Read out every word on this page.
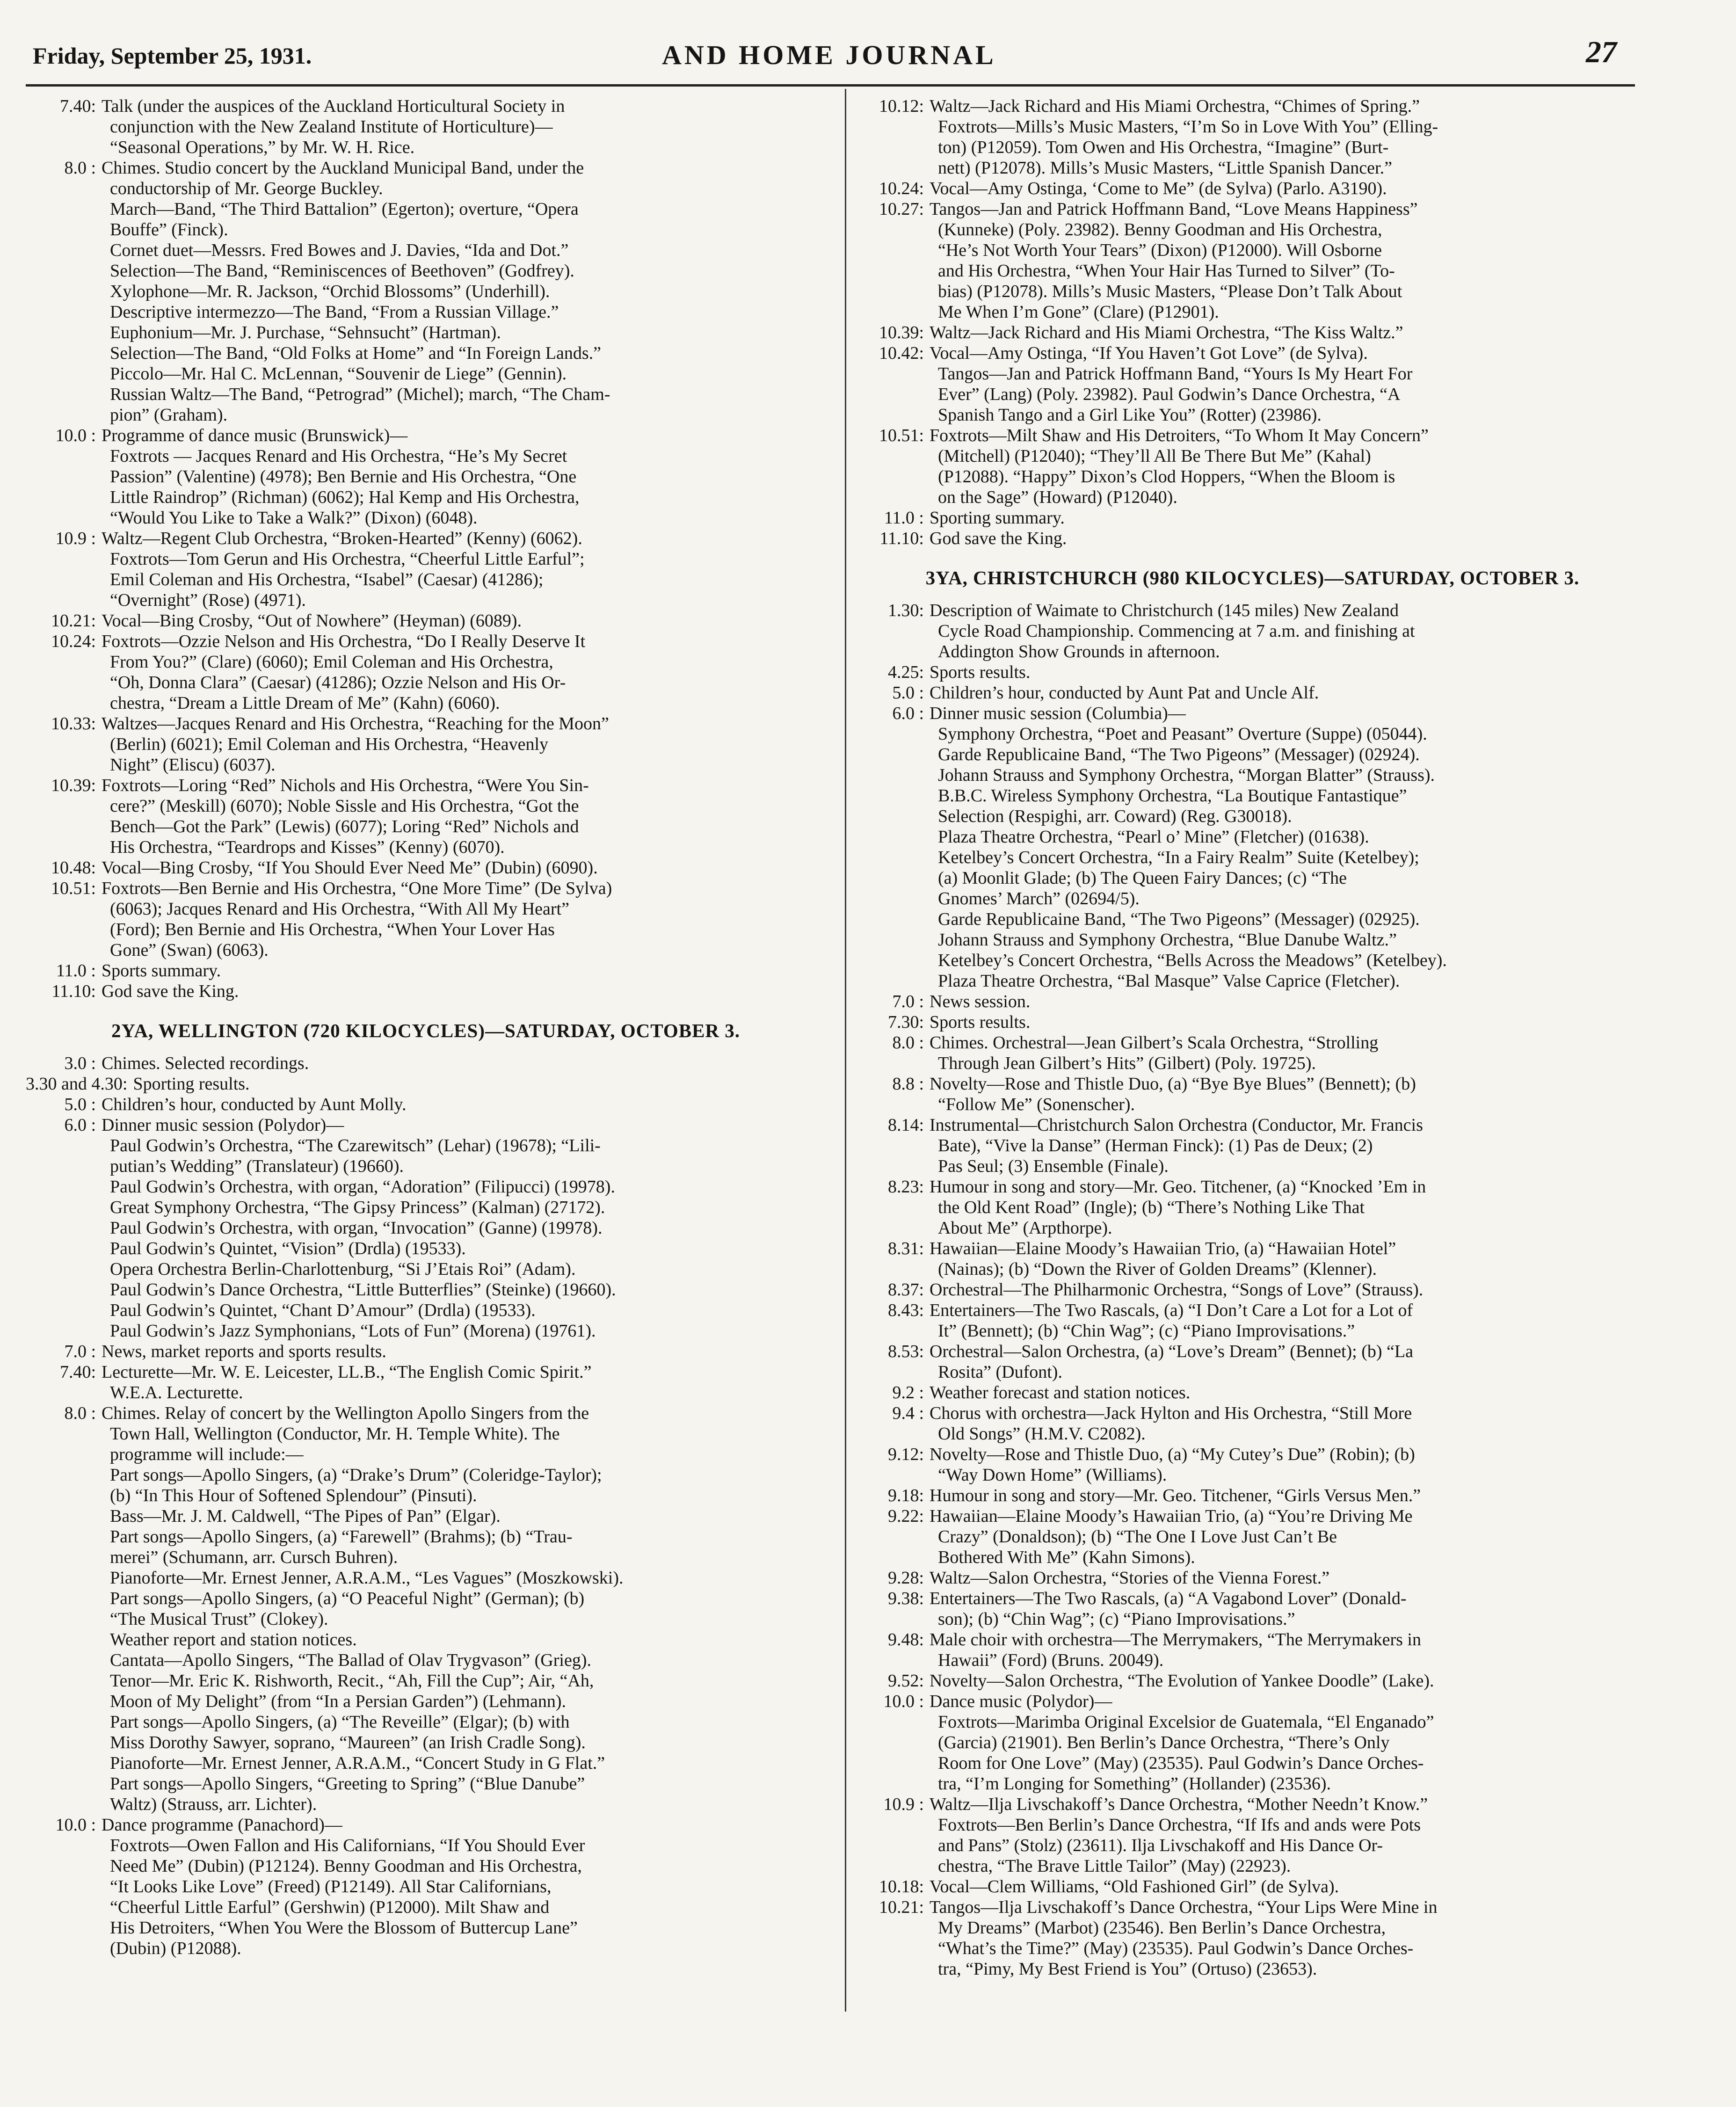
Friday, September 25, 1931.	AND HOME JOURNAL	27
7.40: Talk (under the auspices of the Auckland Horticultural Society in
conjunction with the New Zealand Institute of Horticulture)—
“Seasonal Operations,” by Mr. W. H. Rice.
8.0 : Chimes. Studio concert by the Auckland Municipal Band, under the
conductorship of Mr. George Buckley.
March—Band, “The Third Battalion” (Egerton); overture, “Opera
Bouffe” (Finck).
Cornet duet—Messrs. Fred Bowes and J. Davies, “Ida and Dot.”
Selection—The Band, “Reminiscences of Beethoven” (Godfrey).
Xylophone—Mr. R. Jackson, “Orchid Blossoms” (Underhill).
Descriptive intermezzo—The Band, “From a Russian Village.”
Euphonium—Mr. J. Purchase, “Sehnsucht” (Hartman).
Selection—The Band, “Old Folks at Home” and “In Foreign Lands.”
Piccolo—Mr. Hal C. McLennan, “Souvenir de Liege” (Gennin).
Russian Waltz—The Band, “Petrograd” (Michel); march, “The Cham-
pion” (Graham).
10.0 : Programme of dance music (Brunswick)—
Foxtrots — Jacques Renard and His Orchestra, “He’s My Secret
Passion” (Valentine) (4978); Ben Bernie and His Orchestra, “One
Little Raindrop” (Richman) (6062); Hal Kemp and His Orchestra,
“Would You Like to Take a Walk?” (Dixon) (6048).
10.9 : Waltz—Regent Club Orchestra, “Broken-Hearted” (Kenny) (6062).
Foxtrots—Tom Gerun and His Orchestra, “Cheerful Little Earful”;
Emil Coleman and His Orchestra, “Isabel” (Caesar) (41286);
“Overnight” (Rose) (4971).
10.21: Vocal—Bing Crosby, “Out of Nowhere” (Heyman) (6089).
10.24: Foxtrots—Ozzie Nelson and His Orchestra, “Do I Really Deserve It
From You?” (Clare) (6060); Emil Coleman and His Orchestra,
“Oh, Donna Clara” (Caesar) (41286); Ozzie Nelson and His Or-
chestra, “Dream a Little Dream of Me” (Kahn) (6060).
10.33: Waltzes—Jacques Renard and His Orchestra, “Reaching for the Moon”
(Berlin) (6021); Emil Coleman and His Orchestra, “Heavenly
Night” (Eliscu) (6037).
10.39: Foxtrots—Loring “Red” Nichols and His Orchestra, “Were You Sin-
cere?” (Meskill) (6070); Noble Sissle and His Orchestra, “Got the
Bench—Got the Park” (Lewis) (6077); Loring “Red” Nichols and
His Orchestra, “Teardrops and Kisses” (Kenny) (6070).
10.48: Vocal—Bing Crosby, “If You Should Ever Need Me” (Dubin) (6090).
10.51: Foxtrots—Ben Bernie and His Orchestra, “One More Time” (De Sylva)
(6063); Jacques Renard and His Orchestra, “With All My Heart”
(Ford); Ben Bernie and His Orchestra, “When Your Lover Has
Gone” (Swan) (6063).
11.0 : Sports summary.
11.10: God save the King.
2YA, WELLINGTON (720 KILOCYCLES)—SATURDAY, OCTOBER 3.
3.0 : Chimes. Selected recordings.
3.30 and 4.30: Sporting results.
5.0 : Children’s hour, conducted by Aunt Molly.
6.0 : Dinner music session (Polydor)—
Paul Godwin’s Orchestra, “The Czarewitsch” (Lehar) (19678); “Lili-
putian’s Wedding” (Translateur) (19660).
Paul Godwin’s Orchestra, with organ, “Adoration” (Filipucci) (19978).
Great Symphony Orchestra, “The Gipsy Princess” (Kalman) (27172).
Paul Godwin’s Orchestra, with organ, “Invocation” (Ganne) (19978).
Paul Godwin’s Quintet, “Vision” (Drdla) (19533).
Opera Orchestra Berlin-Charlottenburg, “Si J’Etais Roi” (Adam).
Paul Godwin’s Dance Orchestra, “Little Butterflies” (Steinke) (19660).
Paul Godwin’s Quintet, “Chant D’Amour” (Drdla) (19533).
Paul Godwin’s Jazz Symphonians, “Lots of Fun” (Morena) (19761).
7.0 : News, market reports and sports results.
7.40: Lecturette—Mr. W. E. Leicester, LL.B., “The English Comic Spirit.”
W.E.A. Lecturette.
8.0 : Chimes. Relay of concert by the Wellington Apollo Singers from the
Town Hall, Wellington (Conductor, Mr. H. Temple White). The
programme will include:—
Part songs—Apollo Singers, (a) “Drake’s Drum” (Coleridge-Taylor);
(b) “In This Hour of Softened Splendour” (Pinsuti).
Bass—Mr. J. M. Caldwell, “The Pipes of Pan” (Elgar).
Part songs—Apollo Singers, (a) “Farewell” (Brahms); (b) “Trau-
merei” (Schumann, arr. Cursch Buhren).
Pianoforte—Mr. Ernest Jenner, A.R.A.M., “Les Vagues” (Moszkowski).
Part songs—Apollo Singers, (a) “O Peaceful Night” (German); (b)
“The Musical Trust” (Clokey).
Weather report and station notices.
Cantata—Apollo Singers, “The Ballad of Olav Trygvason” (Grieg).
Tenor—Mr. Eric K. Rishworth, Recit., “Ah, Fill the Cup”; Air, “Ah,
Moon of My Delight” (from “In a Persian Garden”) (Lehmann).
Part songs—Apollo Singers, (a) “The Reveille” (Elgar); (b) with
Miss Dorothy Sawyer, soprano, “Maureen” (an Irish Cradle Song).
Pianoforte—Mr. Ernest Jenner, A.R.A.M., “Concert Study in G Flat.”
Part songs—Apollo Singers, “Greeting to Spring” (“Blue Danube”
Waltz) (Strauss, arr. Lichter).
10.0 : Dance programme (Panachord)—
Foxtrots—Owen Fallon and His Californians, “If You Should Ever
Need Me” (Dubin) (P12124). Benny Goodman and His Orchestra,
“It Looks Like Love” (Freed) (P12149). All Star Californians,
“Cheerful Little Earful” (Gershwin) (P12000). Milt Shaw and
His Detroiters, “When You Were the Blossom of Buttercup Lane”
(Dubin) (P12088).
10.12: Waltz—Jack Richard and His Miami Orchestra, “Chimes of Spring.”
Foxtrots—Mills’s Music Masters, “I’m So in Love With You” (Elling-
ton) (P12059). Tom Owen and His Orchestra, “Imagine” (Burt-
nett) (P12078). Mills’s Music Masters, “Little Spanish Dancer.”
10.24: Vocal—Amy Ostinga, ‘Come to Me” (de Sylva) (Parlo. A3190).
10.27: Tangos—Jan and Patrick Hoffmann Band, “Love Means Happiness”
(Kunneke) (Poly. 23982). Benny Goodman and His Orchestra,
“He’s Not Worth Your Tears” (Dixon) (P12000). Will Osborne
and His Orchestra, “When Your Hair Has Turned to Silver” (To-
bias) (P12078). Mills’s Music Masters, “Please Don’t Talk About
Me When I’m Gone” (Clare) (P12901).
10.39: Waltz—Jack Richard and His Miami Orchestra, “The Kiss Waltz.”
10.42: Vocal—Amy Ostinga, “If You Haven’t Got Love” (de Sylva).
Tangos—Jan and Patrick Hoffmann Band, “Yours Is My Heart For
Ever” (Lang) (Poly. 23982). Paul Godwin’s Dance Orchestra, “A
Spanish Tango and a Girl Like You” (Rotter) (23986).
10.51: Foxtrots—Milt Shaw and His Detroiters, “To Whom It May Concern”
(Mitchell) (P12040); “They’ll All Be There But Me” (Kahal)
(P12088). “Happy” Dixon’s Clod Hoppers, “When the Bloom is
on the Sage” (Howard) (P12040).
11.0 : Sporting summary.
11.10: God save the King.
3YA, CHRISTCHURCH (980 KILOCYCLES)—SATURDAY, OCTOBER 3.
1.30: Description of Waimate to Christchurch (145 miles) New Zealand
Cycle Road Championship. Commencing at 7 a.m. and finishing at
Addington Show Grounds in afternoon.
4.25: Sports results.
5.0 : Children’s hour, conducted by Aunt Pat and Uncle Alf.
6.0 : Dinner music session (Columbia)—
Symphony Orchestra, “Poet and Peasant” Overture (Suppe) (05044).
Garde Republicaine Band, “The Two Pigeons” (Messager) (02924).
Johann Strauss and Symphony Orchestra, “Morgan Blatter” (Strauss).
B.B.C. Wireless Symphony Orchestra, “La Boutique Fantastique”
Selection (Respighi, arr. Coward) (Reg. G30018).
Plaza Theatre Orchestra, “Pearl o’ Mine” (Fletcher) (01638).
Ketelbey’s Concert Orchestra, “In a Fairy Realm” Suite (Ketelbey);
(a) Moonlit Glade; (b) The Queen Fairy Dances; (c) “The
Gnomes’ March” (02694/5).
Garde Republicaine Band, “The Two Pigeons” (Messager) (02925).
Johann Strauss and Symphony Orchestra, “Blue Danube Waltz.”
Ketelbey’s Concert Orchestra, “Bells Across the Meadows” (Ketelbey).
Plaza Theatre Orchestra, “Bal Masque” Valse Caprice (Fletcher).
7.0 : News session.
7.30: Sports results.
8.0 : Chimes. Orchestral—Jean Gilbert’s Scala Orchestra, “Strolling
Through Jean Gilbert’s Hits” (Gilbert) (Poly. 19725).
8.8 : Novelty—Rose and Thistle Duo, (a) “Bye Bye Blues” (Bennett); (b)
“Follow Me” (Sonenscher).
8.14: Instrumental—Christchurch Salon Orchestra (Conductor, Mr. Francis
Bate), “Vive la Danse” (Herman Finck): (1) Pas de Deux; (2)
Pas Seul; (3) Ensemble (Finale).
8.23: Humour in song and story—Mr. Geo. Titchener, (a) “Knocked ’Em in
the Old Kent Road” (Ingle); (b) “There’s Nothing Like That
About Me” (Arpthorpe).
8.31: Hawaiian—Elaine Moody’s Hawaiian Trio, (a) “Hawaiian Hotel”
(Nainas); (b) “Down the River of Golden Dreams” (Klenner).
8.37: Orchestral—The Philharmonic Orchestra, “Songs of Love” (Strauss).
8.43: Entertainers—The Two Rascals, (a) “I Don’t Care a Lot for a Lot of
It” (Bennett); (b) “Chin Wag”; (c) “Piano Improvisations.”
8.53: Orchestral—Salon Orchestra, (a) “Love’s Dream” (Bennet); (b) “La
Rosita” (Dufont).
9.2 : Weather forecast and station notices.
9.4 : Chorus with orchestra—Jack Hylton and His Orchestra, “Still More
Old Songs” (H.M.V. C2082).
9.12: Novelty—Rose and Thistle Duo, (a) “My Cutey’s Due” (Robin); (b)
“Way Down Home” (Williams).
9.18: Humour in song and story—Mr. Geo. Titchener, “Girls Versus Men.”
9.22: Hawaiian—Elaine Moody’s Hawaiian Trio, (a) “You’re Driving Me
Crazy” (Donaldson); (b) “The One I Love Just Can’t Be
Bothered With Me” (Kahn Simons).
9.28: Waltz—Salon Orchestra, “Stories of the Vienna Forest.”
9.38: Entertainers—The Two Rascals, (a) “A Vagabond Lover” (Donald-
son); (b) “Chin Wag”; (c) “Piano Improvisations.”
9.48: Male choir with orchestra—The Merrymakers, “The Merrymakers in
Hawaii” (Ford) (Bruns. 20049).
9.52: Novelty—Salon Orchestra, “The Evolution of Yankee Doodle” (Lake).
10.0 : Dance music (Polydor)—
Foxtrots—Marimba Original Excelsior de Guatemala, “El Enganado”
(Garcia) (21901). Ben Berlin’s Dance Orchestra, “There’s Only
Room for One Love” (May) (23535). Paul Godwin’s Dance Orches-
tra, “I’m Longing for Something” (Hollander) (23536).
10.9 : Waltz—Ilja Livschakoff’s Dance Orchestra, “Mother Needn’t Know.”
Foxtrots—Ben Berlin’s Dance Orchestra, “If Ifs and ands were Pots
and Pans” (Stolz) (23611). Ilja Livschakoff and His Dance Or-
chestra, “The Brave Little Tailor” (May) (22923).
10.18: Vocal—Clem Williams, “Old Fashioned Girl” (de Sylva).
10.21: Tangos—Ilja Livschakoff’s Dance Orchestra, “Your Lips Were Mine in
My Dreams” (Marbot) (23546). Ben Berlin’s Dance Orchestra,
“What’s the Time?” (May) (23535). Paul Godwin’s Dance Orches-
tra, “Pimy, My Best Friend is You” (Ortuso) (23653).
